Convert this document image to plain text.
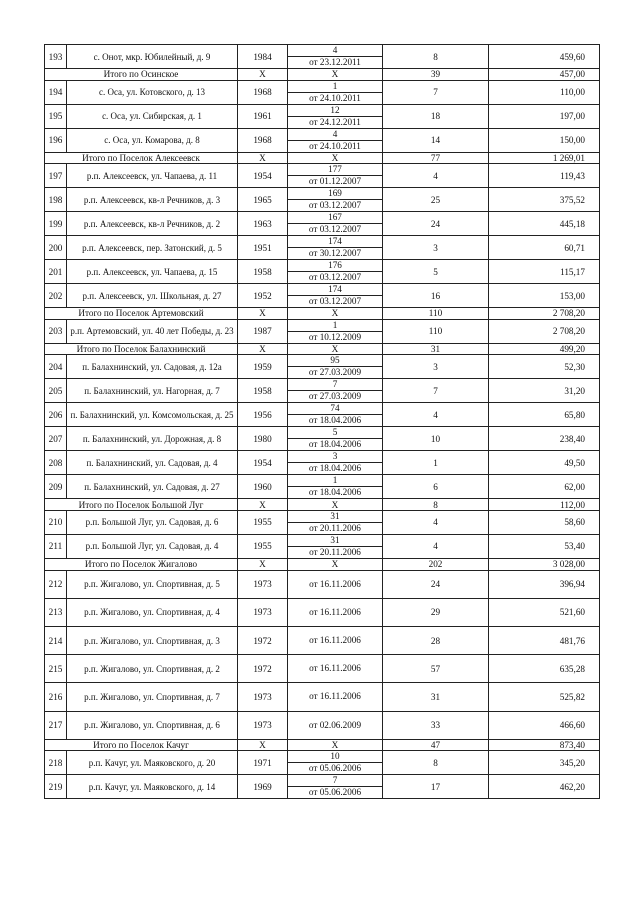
193	с. Онот, мкр. Юбилейный, д. 9	1984	4
от 23.12.2011	8	459,60
Итого по Осинское		Х	Х	39	457,00
194	с. Оса, ул. Котовского, д. 13	1968	1
от 24.10.2011	7	110,00
195	с. Оса, ул. Сибирская, д. 1	1961	12
от 24.12.2011	18	197,00
196	с. Оса, ул. Комарова, д. 8	1968	4
от 24.10.2011	14	150,00
Итого по Поселок Алексеевск		Х	Х	77	1 269,01
197	р.п. Алексеевск, ул. Чапаева, д. 11	1954	177
от 01.12.2007	4	119,43
198	р.п. Алексеевск, кв-л Речников, д. 3	1965	169
от 03.12.2007	25	375,52
199	р.п. Алексеевск, кв-л Речников, д. 2	1963	167
от 03.12.2007	24	445,18
200	р.п. Алексеевск, пер. Затонский, д. 5	1951	174
от 30.12.2007	3	60,71
201	р.п. Алексеевск, ул. Чапаева, д. 15	1958	176
от 03.12.2007	5	115,17
202	р.п. Алексеевск, ул. Школьная, д. 27	1952	174
от 03.12.2007	16	153,00
Итого по Поселок Артемовский		Х	Х	110	2 708,20
203	р.п. Артемовский, ул. 40 лет Победы, д. 23	1987	1
от 10.12.2009	110	2 708,20
Итого по Поселок Балахнинский		Х	Х	31	499,20
204	п. Балахнинский, ул. Садовая, д. 12а	1959	95
от 27.03.2009	3	52,30
205	п. Балахнинский, ул. Нагорная, д. 7	1958	7
от 27.03.2009	7	31,20
206	п. Балахнинский, ул. Комсомольская, д. 25	1956	74
от 18.04.2006	4	65,80
207	п. Балахнинский, ул. Дорожная, д. 8	1980	5
от 18.04.2006	10	238,40
208	п. Балахнинский, ул. Садовая, д. 4	1954	3
от 18.04.2006	1	49,50
209	п. Балахнинский, ул. Садовая, д. 27	1960	1
от 18.04.2006	6	62,00
Итого по Поселок Большой Луг		Х	Х	8	112,00
210	р.п. Большой Луг, ул. Садовая, д. 6	1955	31
от 20.11.2006	4	58,60
211	р.п. Большой Луг, ул. Садовая, д. 4	1955	31
от 20.11.2006	4	53,40
Итого по Поселок Жигалово		Х	Х	202	3 028,00
212	р.п. Жигалово, ул. Спортивная, д. 5	1973	от 16.11.2006	24	396,94
213	р.п. Жигалово, ул. Спортивная, д. 4	1973	от 16.11.2006	29	521,60
214	р.п. Жигалово, ул. Спортивная, д. 3	1972	от 16.11.2006	28	481,76
215	р.п. Жигалово, ул. Спортивная, д. 2	1972	от 16.11.2006	57	635,28
216	р.п. Жигалово, ул. Спортивная, д. 7	1973	от 16.11.2006	31	525,82
217	р.п. Жигалово, ул. Спортивная, д. 6	1973	от 02.06.2009	33	466,60
Итого по Поселок Качуг		Х	Х	47	873,40
218	р.п. Качуг, ул. Маяковского, д. 20	1971	10
от 05.06.2006	8	345,20
219	р.п. Качуг, ул. Маяковского, д. 14	1969	7
от 05.06.2006	17	462,20
